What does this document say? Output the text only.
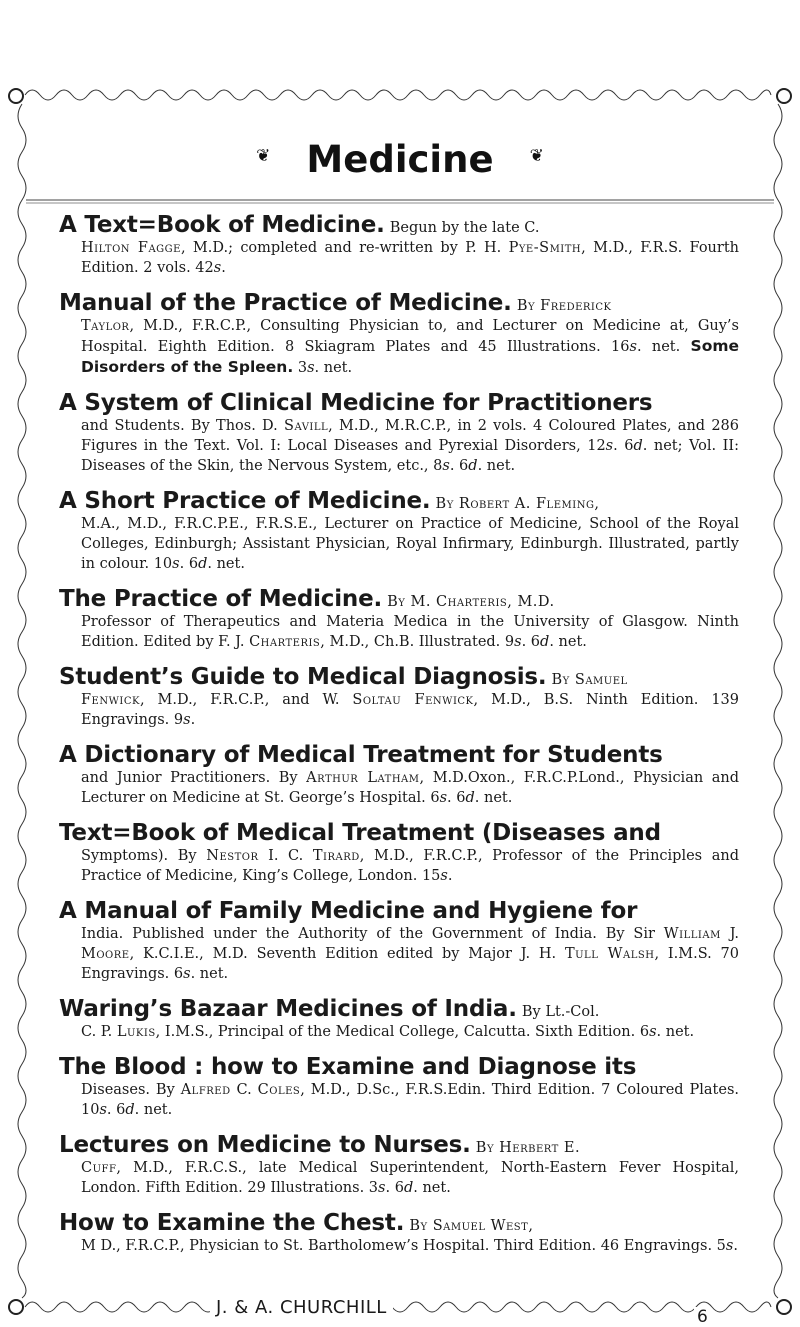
❦ Medicine ❦
A Text=Book of Medicine. Begun by the late C.
Hilton Fagge, M.D.; completed and re-written by P. H. Pye-Smith, M.D., F.R.S. Fourth Edition. 2 vols. 42s.
Manual of the Practice of Medicine. By Frederick
Taylor, M.D., F.R.C.P., Consulting Physician to, and Lecturer on Medicine at, Guy’s Hospital. Eighth Edition. 8 Skiagram Plates and 45 Illustrations. 16s. net. Some Disorders of the Spleen. 3s. net.
A System of Clinical Medicine for Practitioners
and Students. By Thos. D. Savill, M.D., M.R.C.P., in 2 vols. 4 Coloured Plates, and 286 Figures in the Text. Vol. I: Local Diseases and Pyrexial Disorders, 12s. 6d. net; Vol. II: Diseases of the Skin, the Nervous System, etc., 8s. 6d. net.
A Short Practice of Medicine. By Robert A. Fleming,
M.A., M.D., F.R.C.P.E., F.R.S.E., Lecturer on Practice of Medicine, School of the Royal Colleges, Edinburgh; Assistant Physician, Royal Infirmary, Edinburgh. Illustrated, partly in colour. 10s. 6d. net.
The Practice of Medicine. By M. Charteris, M.D.
Professor of Therapeutics and Materia Medica in the University of Glasgow. Ninth Edition. Edited by F. J. Charteris, M.D., Ch.B. Illustrated. 9s. 6d. net.
Student’s Guide to Medical Diagnosis. By Samuel
Fenwick, M.D., F.R.C.P., and W. Soltau Fenwick, M.D., B.S. Ninth Edition. 139 Engravings. 9s.
A Dictionary of Medical Treatment for Students
and Junior Practitioners. By Arthur Latham, M.D.Oxon., F.R.C.P.Lond., Physician and Lecturer on Medicine at St. George’s Hospital. 6s. 6d. net.
Text=Book of Medical Treatment (Diseases and
Symptoms). By Nestor I. C. Tirard, M.D., F.R.C.P., Professor of the Principles and Practice of Medicine, King’s College, London. 15s.
A Manual of Family Medicine and Hygiene for
India. Published under the Authority of the Government of India. By Sir William J. Moore, K.C.I.E., M.D. Seventh Edition edited by Major J. H. Tull Walsh, I.M.S. 70 Engravings. 6s. net.
Waring’s Bazaar Medicines of India. By Lt.-Col.
C. P. Lukis, I.M.S., Principal of the Medical College, Calcutta. Sixth Edition. 6s. net.
The Blood : how to Examine and Diagnose its
Diseases. By Alfred C. Coles, M.D., D.Sc., F.R.S.Edin. Third Edition. 7 Coloured Plates. 10s. 6d. net.
Lectures on Medicine to Nurses. By Herbert E.
Cuff, M.D., F.R.C.S., late Medical Superintendent, North-Eastern Fever Hospital, London. Fifth Edition. 29 Illustrations. 3s. 6d. net.
How to Examine the Chest. By Samuel West,
M D., F.R.C.P., Physician to St. Bartholomew’s Hospital. Third Edition. 46 Engravings. 5s.
J. & A. CHURCHILL	6
